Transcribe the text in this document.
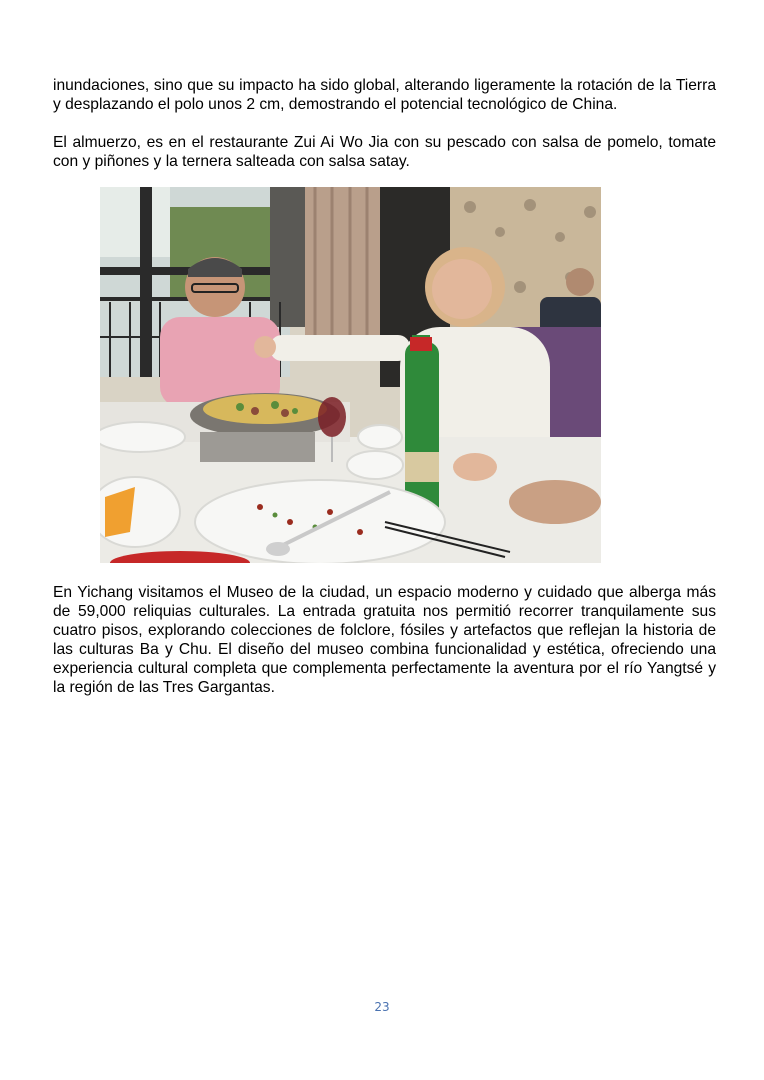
inundaciones, sino que su impacto ha sido global, alterando ligeramente la rotación de la Tierra y desplazando el polo unos 2 cm, demostrando el potencial tecnológico de China.

El almuerzo, es en el restaurante Zui Ai Wo Jia con su pescado con salsa de pomelo, tomate con y piñones y la ternera salteada con salsa satay.

En Yichang visitamos el Museo de la ciudad, un espacio moderno y cuidado que alberga más de 59,000 reliquias culturales. La entrada gratuita nos permitió recorrer tranquilamente sus cuatro pisos, explorando colecciones de folclore, fósiles y artefactos que reflejan la historia de las culturas Ba y Chu. El diseño del museo combina funcionalidad y estética, ofreciendo una experiencia cultural completa que complementa perfectamente la aventura por el río Yangtsé y la región de las Tres Gargantas.

23
